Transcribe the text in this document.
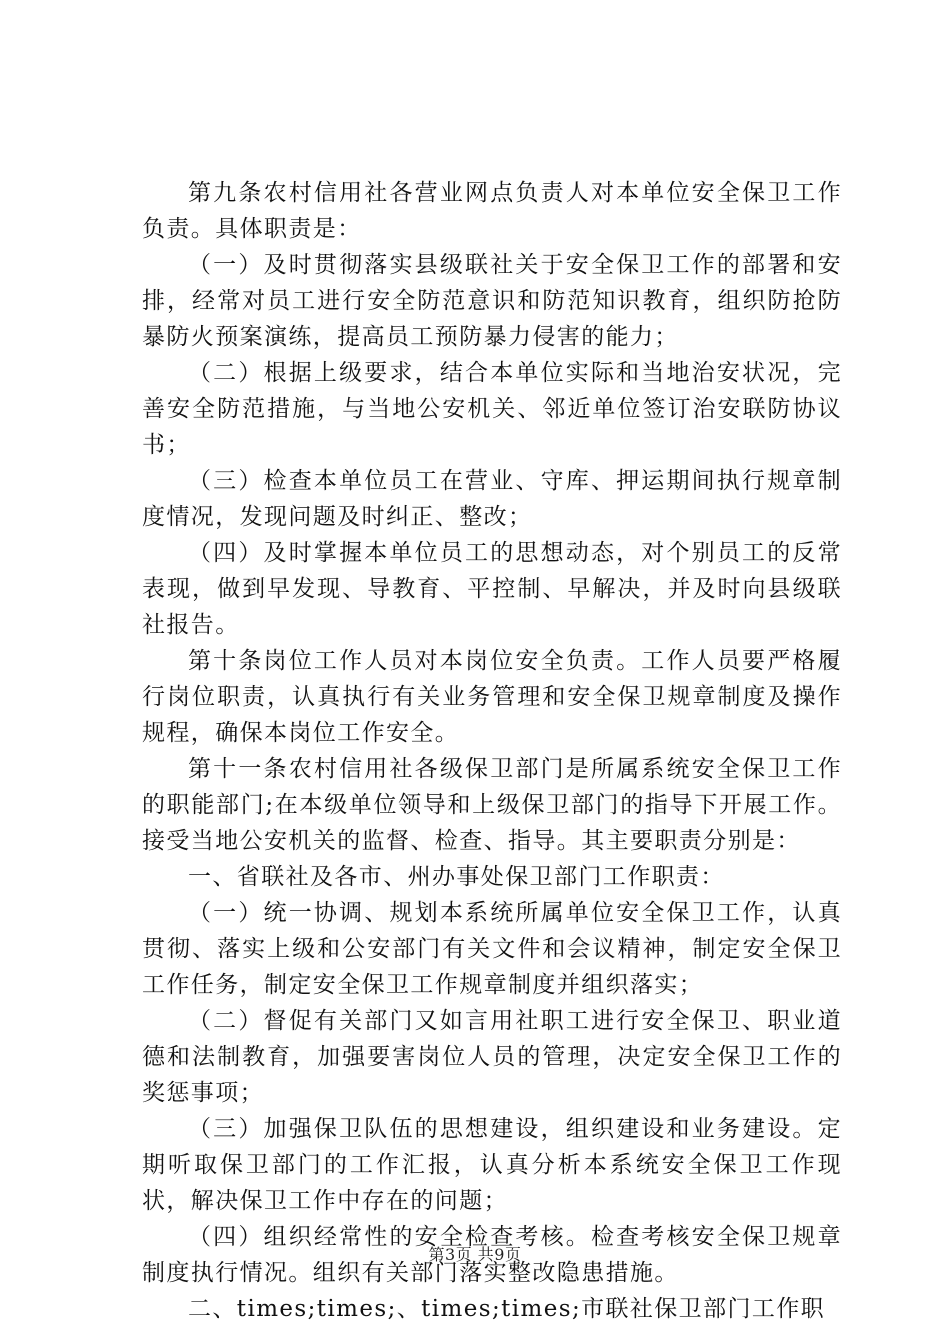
第九条农村信用社各营业网点负责人对本单位安全保卫工作负责。具体职责是：

（一）及时贯彻落实县级联社关于安全保卫工作的部署和安排，经常对员工进行安全防范意识和防范知识教育，组织防抢防暴防火预案演练，提高员工预防暴力侵害的能力；

（二）根据上级要求，结合本单位实际和当地治安状况，完善安全防范措施，与当地公安机关、邻近单位签订治安联防协议书；

（三）检查本单位员工在营业、守库、押运期间执行规章制度情况，发现问题及时纠正、整改；

（四）及时掌握本单位员工的思想动态，对个别员工的反常表现，做到早发现、导教育、平控制、早解决，并及时向县级联社报告。

第十条岗位工作人员对本岗位安全负责。工作人员要严格履行岗位职责，认真执行有关业务管理和安全保卫规章制度及操作规程，确保本岗位工作安全。

第十一条农村信用社各级保卫部门是所属系统安全保卫工作的职能部门;在本级单位领导和上级保卫部门的指导下开展工作。接受当地公安机关的监督、检查、指导。其主要职责分别是：

一、省联社及各市、州办事处保卫部门工作职责：

（一）统一协调、规划本系统所属单位安全保卫工作，认真贯彻、落实上级和公安部门有关文件和会议精神，制定安全保卫工作任务，制定安全保卫工作规章制度并组织落实；

（二）督促有关部门又如言用社职工进行安全保卫、职业道德和法制教育，加强要害岗位人员的管理，决定安全保卫工作的奖惩事项；

（三）加强保卫队伍的思想建设，组织建设和业务建设。定期听取保卫部门的工作汇报，认真分析本系统安全保卫工作现状，解决保卫工作中存在的问题；

（四）组织经常性的安全检查考核。检查考核安全保卫规章制度执行情况。组织有关部门落实整改隐患措施。

二、times;times;、times;times;市联社保卫部门工作职

第3页 共9页
